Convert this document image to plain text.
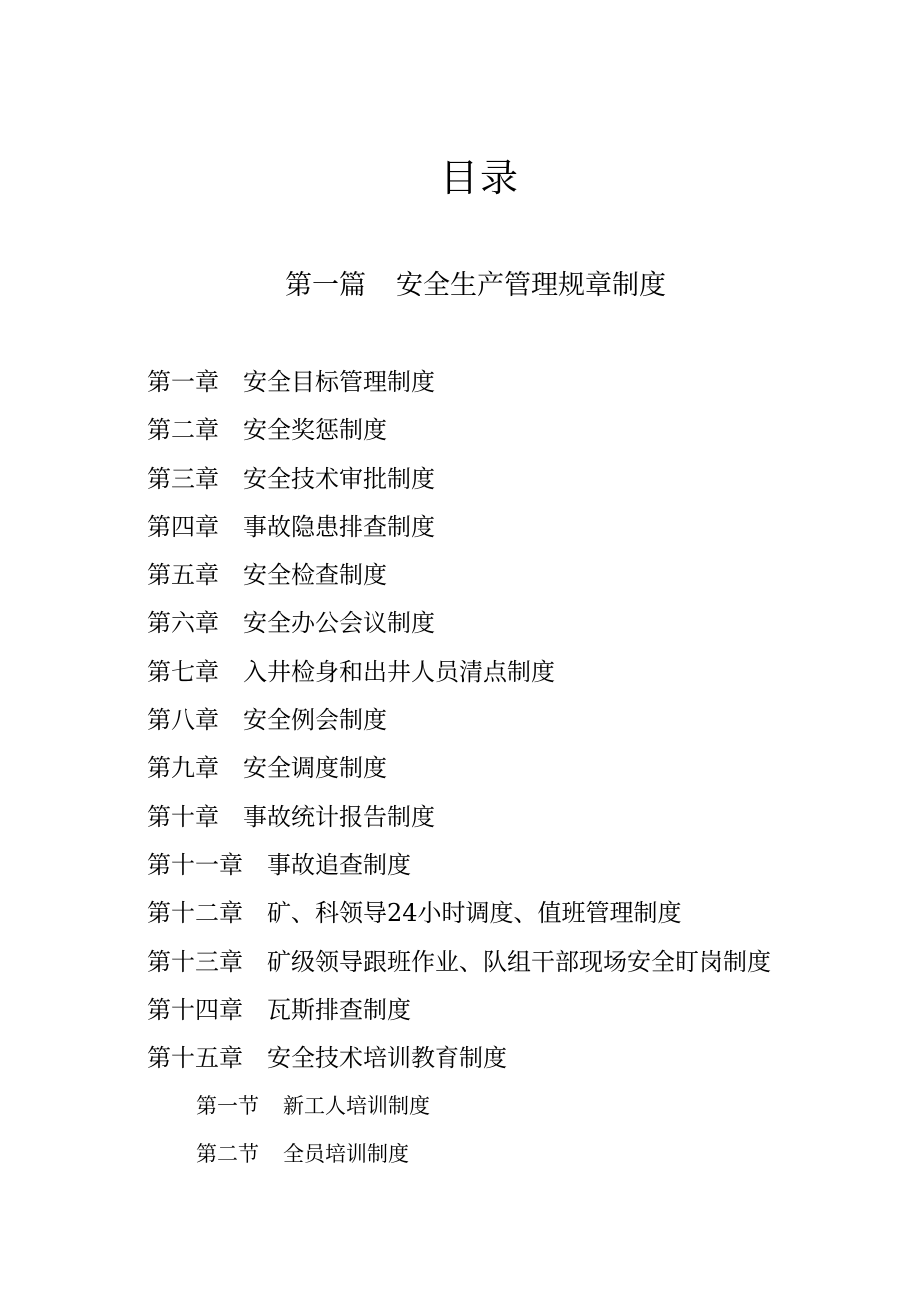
目录
第一篇 安全生产管理规章制度
第一章 安全目标管理制度
第二章 安全奖惩制度
第三章 安全技术审批制度
第四章 事故隐患排查制度
第五章 安全检查制度
第六章 安全办公会议制度
第七章 入井检身和出井人员清点制度
第八章 安全例会制度
第九章 安全调度制度
第十章 事故统计报告制度
第十一章 事故追查制度
第十二章 矿、科领导24小时调度、值班管理制度
第十三章 矿级领导跟班作业、队组干部现场安全盯岗制度
第十四章 瓦斯排查制度
第十五章 安全技术培训教育制度
第一节 新工人培训制度
第二节 全员培训制度
